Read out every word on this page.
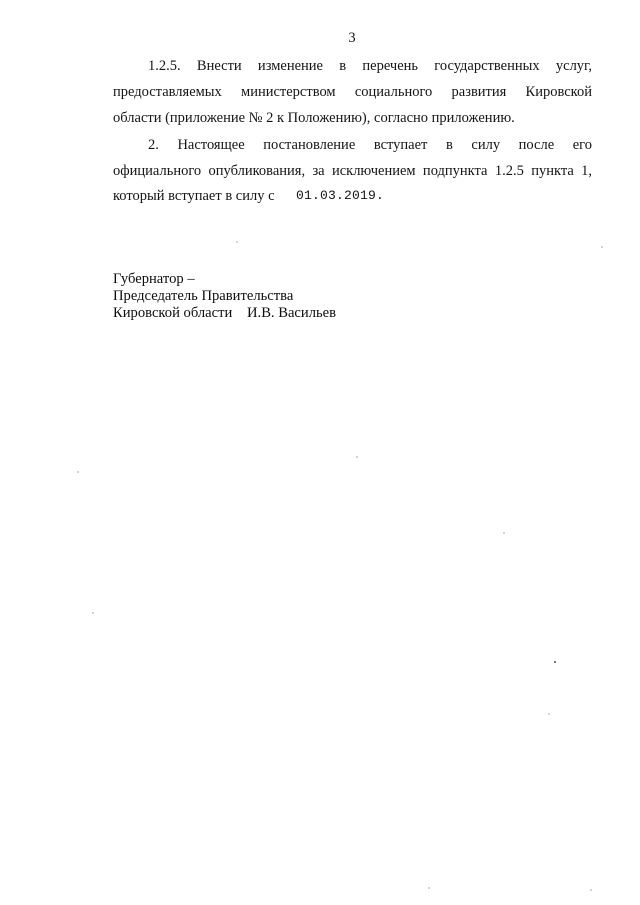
3
1.2.5. Внести изменение в перечень государственных услуг,
предоставляемых министерством социального развития Кировской
области (приложение № 2 к Положению), согласно приложению.
2. Настоящее постановление вступает в силу после его
официального опубликования, за исключением подпункта 1.2.5 пункта 1,
который вступает в силу с 01.03.2019.
Губернатор –
Председатель Правительства
Кировской области И.В. Васильев
